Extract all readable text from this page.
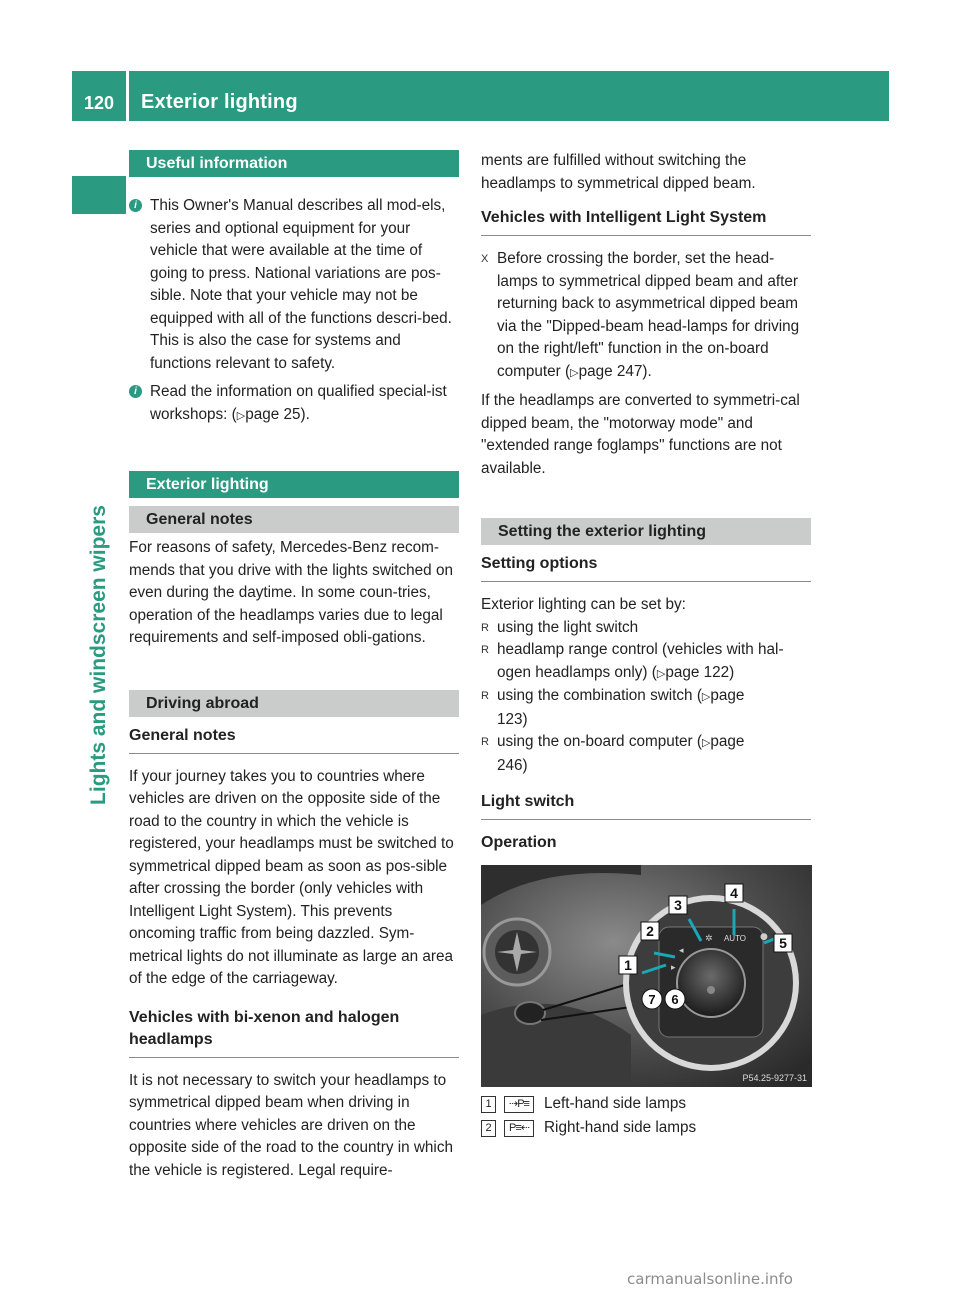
120	Exterior lighting
Lights and windscreen wipers
Useful information
i This Owner's Manual describes all mod-els, series and optional equipment for your vehicle that were available at the time of going to press. National variations are pos-sible. Note that your vehicle may not be equipped with all of the functions descri-bed. This is also the case for systems and functions relevant to safety.

i Read the information on qualified special-ist workshops: (▷page 25).

Exterior lighting
General notes

For reasons of safety, Mercedes-Benz recom-mends that you drive with the lights switched on even during the daytime. In some coun-tries, operation of the headlamps varies due to legal requirements and self-imposed obli-gations.

Driving abroad
General notes

If your journey takes you to countries where vehicles are driven on the opposite side of the road to the country in which the vehicle is registered, your headlamps must be switched to symmetrical dipped beam as soon as pos-sible after crossing the border (only vehicles with Intelligent Light System). This prevents oncoming traffic from being dazzled. Sym-metrical lights do not illuminate as large an area of the edge of the carriageway.

Vehicles with bi-xenon and halogen headlamps

It is not necessary to switch your headlamps to symmetrical dipped beam when driving in countries where vehicles are driven on the opposite side of the road to the country in which the vehicle is registered. Legal require-

ments are fulfilled without switching the headlamps to symmetrical dipped beam.

Vehicles with Intelligent Light System
X Before crossing the border, set the head-lamps to symmetrical dipped beam and after returning back to asymmetrical dipped beam via the "Dipped-beam head-lamps for driving on the right/left" function in the on-board computer (▷page 247).

If the headlamps are converted to symmetri-cal dipped beam, the "motorway mode" and "extended range foglamps" functions are not available.

Setting the exterior lighting
Setting options

Exterior lighting can be set by:

R using the light switch

R headlamp range control (vehicles with hal-ogen headlamps only) (▷page 122)

R using the combination switch (▷page 123)

R using the on-board computer (▷page 246)

Light switch

Operation

AUTO
✲	●
◂
▸
1
2
3
4
5
6
7
P54.25-9277-31
1	⇢P≡ Left-hand side lamps
2	P≡⇠ Right-hand side lamps
carmanualsonline.info
